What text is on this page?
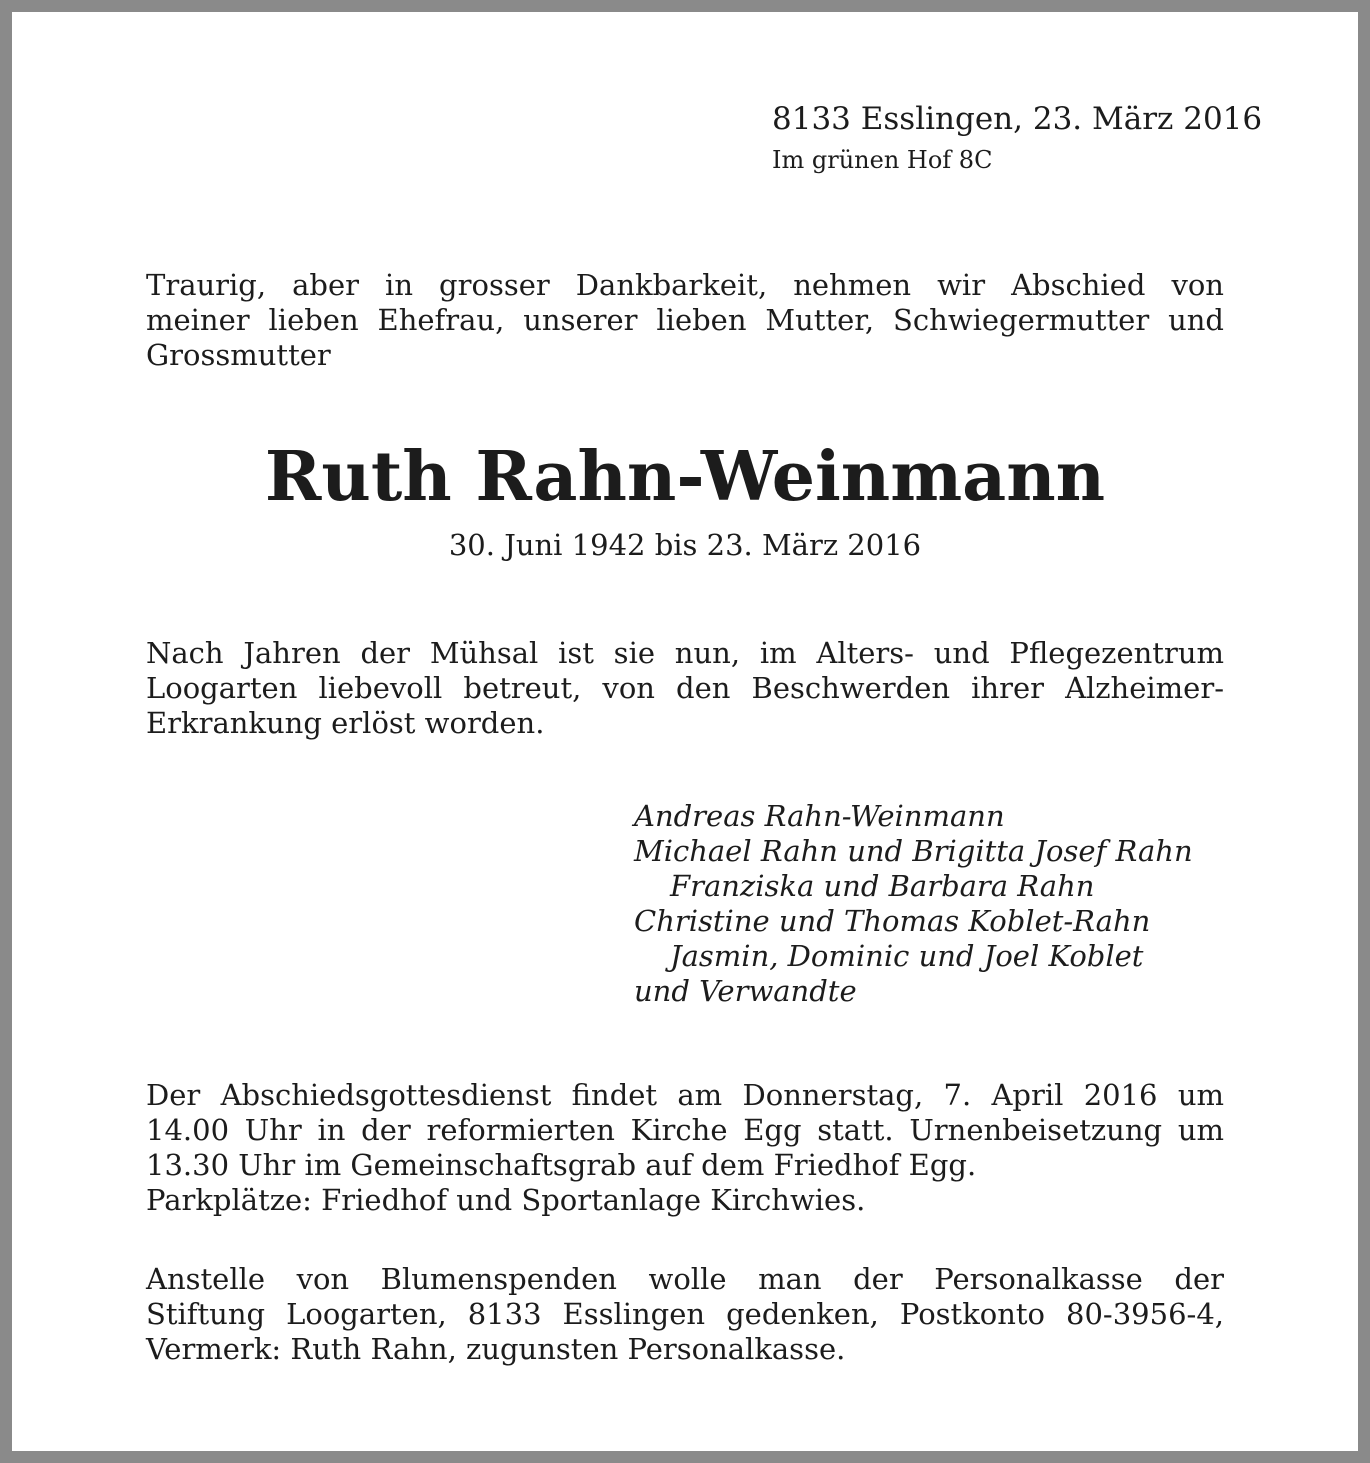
8133 Esslingen, 23. März 2016

Im grünen Hof 8C

Traurig, aber in grosser Dankbarkeit, nehmen wir Abschied von
meiner lieben Ehefrau, unserer lieben Mutter, Schwiegermutter und
Grossmutter

Ruth Rahn-Weinmann

30. Juni 1942 bis 23. März 2016

Nach Jahren der Mühsal ist sie nun, im Alters- und Pflegezentrum
Loogarten liebevoll betreut, von den Beschwerden ihrer Alzheimer-
Erkrankung erlöst worden.

Andreas Rahn-Weinmann
Michael Rahn und Brigitta Josef Rahn
Franziska und Barbara Rahn
Christine und Thomas Koblet-Rahn
Jasmin, Dominic und Joel Koblet
und Verwandte

Der Abschiedsgottesdienst findet am Donnerstag, 7. April 2016 um
14.00 Uhr in der reformierten Kirche Egg statt. Urnenbeisetzung um
13.30 Uhr im Gemeinschaftsgrab auf dem Friedhof Egg.
Parkplätze: Friedhof und Sportanlage Kirchwies.

Anstelle von Blumenspenden wolle man der Personalkasse der
Stiftung Loogarten, 8133 Esslingen gedenken, Postkonto 80-3956-4,
Vermerk: Ruth Rahn, zugunsten Personalkasse.
